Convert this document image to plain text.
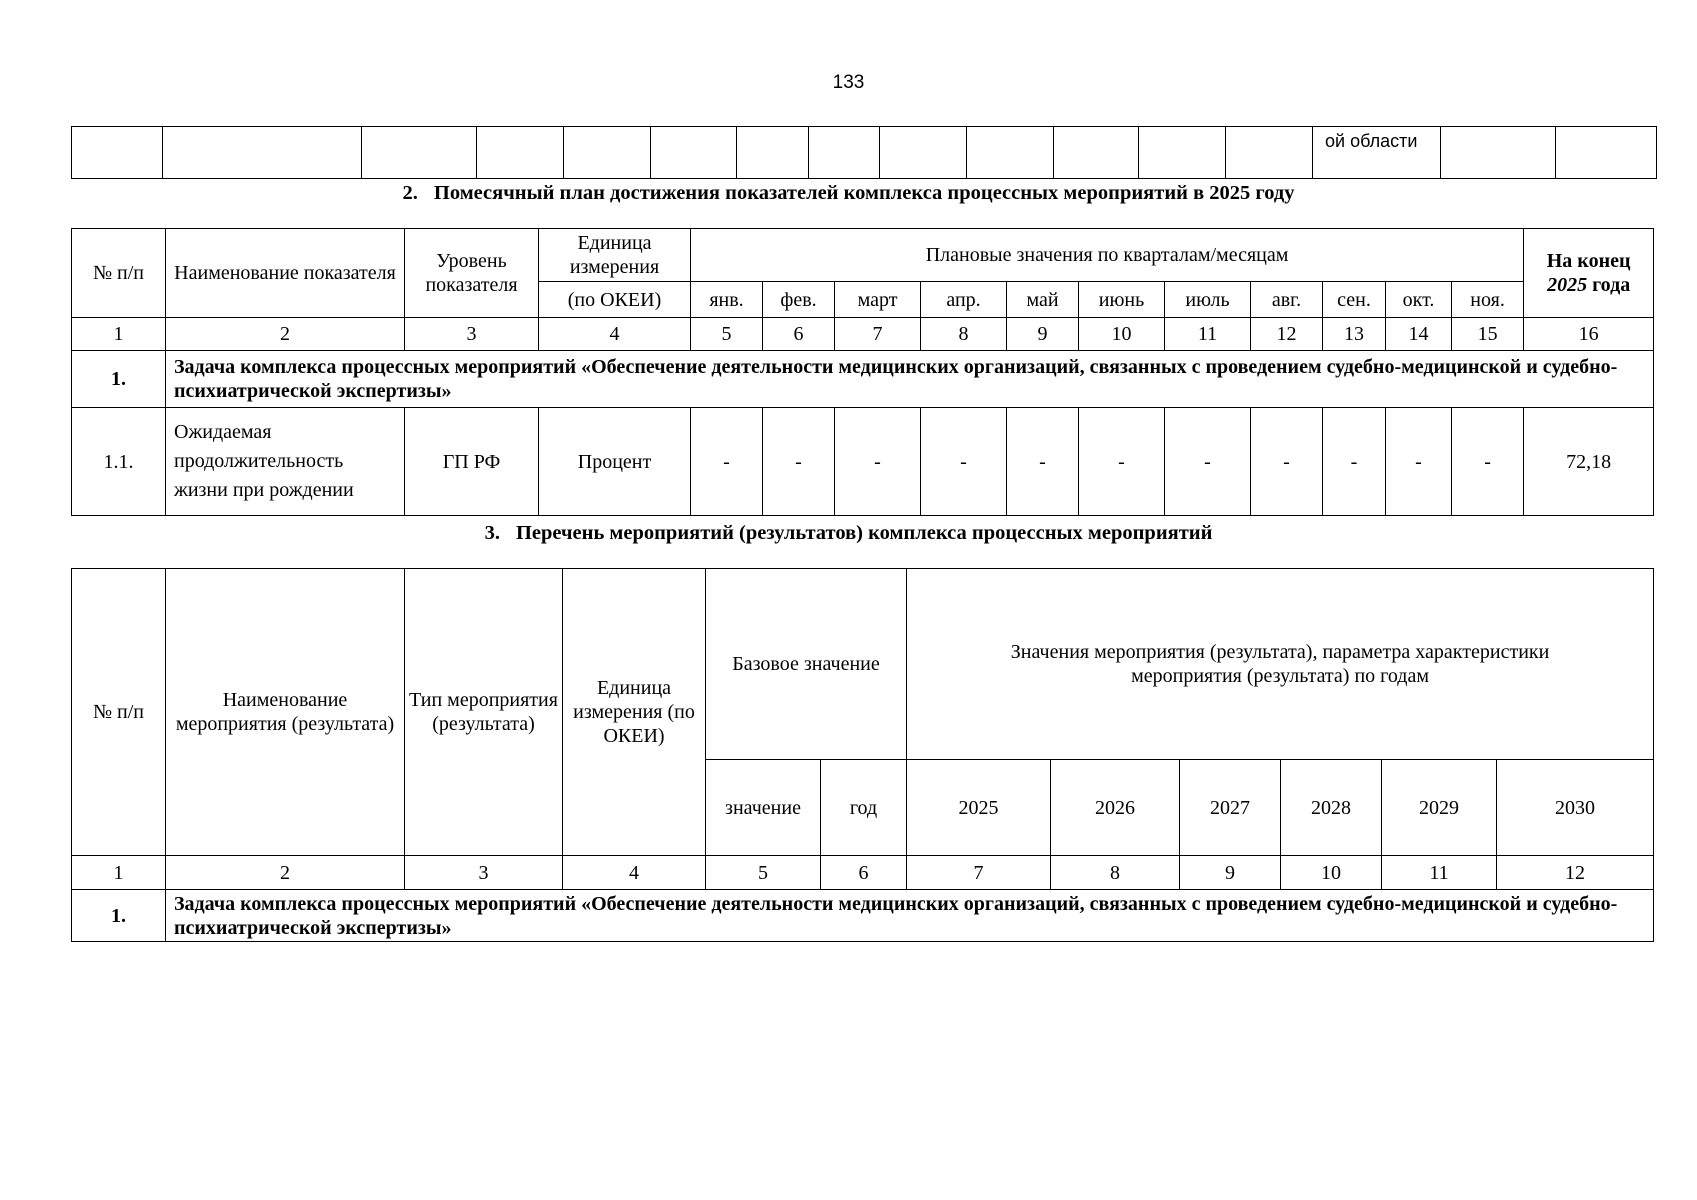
133
													ой области		
2. Помесячный план достижения показателей комплекса процессных мероприятий в 2025 году
№ п/п	Наименование показателя	Уровень показателя	Единица измерения	Плановые значения по кварталам/месяцам											На конец
2025 года
			(по ОКЕИ)	янв.	фев.	март	апр.	май	июнь	июль	авг.	сен.	окт.	ноя.	
1	2	3	4	5	6	7	8	9	10	11	12	13	14	15	16
1.	Задача комплекса процессных мероприятий «Обеспечение деятельности медицинских организаций, связанных с проведением судебно-медицинской и судебно-психиатрической экспертизы»														
1.1.	Ожидаемая продолжительность жизни при рождении	ГП РФ	Процент	-	-	-	-	-	-	-	-	-	-	-	72,18
3. Перечень мероприятий (результатов) комплекса процессных мероприятий
№ п/п	Наименование мероприятия (результата)	Тип мероприятия (результата)	Единица измерения (по ОКЕИ)	Базовое значение		Значения мероприятия (результата), параметра характеристики мероприятия (результата) по годам					
				значение	год	2025	2026	2027	2028	2029	2030
1	2	3	4	5	6	7	8	9	10	11	12
1.	Задача комплекса процессных мероприятий «Обеспечение деятельности медицинских организаций, связанных с проведением судебно-медицинской и судебно-психиатрической экспертизы»										
